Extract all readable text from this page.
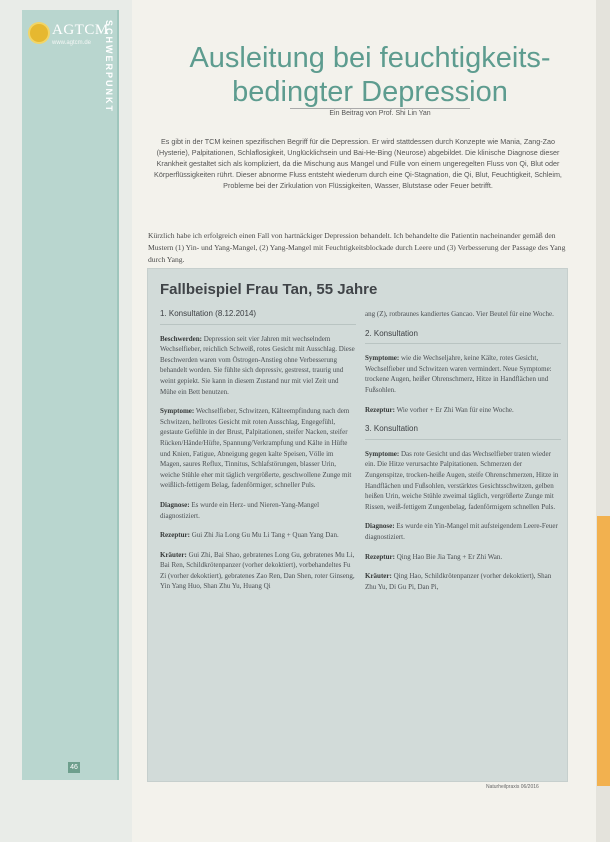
AGTCM
www.agtcm.de SCHWERPUNKT
46
Ausleitung bei feuchtigkeits-
bedingter Depression
Ein Beitrag von Prof. Shi Lin Yan

Es gibt in der TCM keinen spezifischen Begriff für die Depression. Er wird stattdessen durch Konzepte wie Mania, Zang-Zao (Hysterie), Palpitationen, Schlaflosigkeit, Unglücklichsein und Bai-He-Bing (Neurose) abgebildet. Die klinische Diagnose dieser Krankheit gestaltet sich als kompliziert, da die Mischung aus Mangel und Fülle von einem ungeregelten Fluss von Qi, Blut oder Körperflüssigkeiten rührt. Dieser abnorme Fluss entsteht wiederum durch eine Qi-Stagnation, die Qi, Blut, Feuchtigkeit, Schleim, Probleme bei der Zirkulation von Flüssigkeiten, Wasser, Blutstase oder Feuer betrifft.

Kürzlich habe ich erfolgreich einen Fall von hartnäckiger Depression behandelt. Ich behandelte die Patientin nacheinander gemäß den Mustern (1) Yin- und Yang-Mangel, (2) Yang-Mangel mit Feuchtigkeitsblockade durch Leere und (3) Verbesserung der Passage des Yang durch Yang.

Fallbeispiel Frau Tan, 55 Jahre
1. Konsultation (8.12.2014)

Beschwerden: Depression seit vier Jahren mit wechselndem Wechselfieber, reichlich Schweiß, rotes Gesicht mit Ausschlag. Diese Beschwerden waren vom Östrogen-Anstieg ohne Verbesserung behandelt worden. Sie fühlte sich depressiv, gestresst, traurig und weint gepiekt. Sie kann in diesem Zustand nur mit viel Zeit und Mühe ein Bett benutzen.

Symptome: Wechselfieber, Schwitzen, Kälteempfindung nach dem Schwitzen, hellrotes Gesicht mit roten Ausschlag, Engegefühl, gestaute Gefühle in der Brust, Palpitationen, steifer Nacken, steifer Rücken/Hände/Hüfte, Spannung/Verkrampfung und Kälte in Hüfte und Knien, Fatigue, Abneigung gegen kalte Speisen, Völle im Magen, saures Reflux, Tinnitus, Schlafstörungen, blasser Urin, weiche Stühle eher mit täglich vergrößerte, geschwollene Zunge mit weißlich-fettigem Belag, fadenförmiger, schneller Puls.

Diagnose: Es wurde ein Herz- und Nieren-Yang-Mangel diagnostiziert.

Rezeptur: Gui Zhi Jia Long Gu Mu Li Tang + Quan Yang Dan.

Kräuter: Gui Zhi, Bai Shao, gebratenes Long Gu, gebratenes Mu Li, Bai Ren, Schildkrötenpanzer (vorher dekoktiert), vorbehandeltes Fu Zi (vorher dekoktiert), gebratenes Zao Ren, Dan Shen, roter Ginseng, Yin Yang Huo, Shan Zhu Yu, Huang Qi

ang (Z), rotbraunes kandiertes Gancao. Vier Beutel für eine Woche.

2. Konsultation

Symptome: wie die Wechseljahre, keine Kälte, rotes Gesicht, Wechselfieber und Schwitzen waren vermindert. Neue Symptome: trockene Augen, heißer Ohrenschmerz, Hitze in Handflächen und Fußsohlen.

Rezeptur: Wie vorher + Er Zhi Wan für eine Woche.

3. Konsultation

Symptome: Das rote Gesicht und das Wechselfieber traten wieder ein. Die Hitze verursachte Palpitationen. Schmerzen der Zungenspitze, trocken-heiße Augen, steife Ohrenschmerzen, Hitze in Handflächen und Fußsohlen, verstärktes Gesichtsschwitzen, gelben heißen Urin, weiche Stühle zweimal täglich, vergrößerte Zunge mit Rissen, weiß-fettigem Zungenbelag, fadenförmigem schnellen Puls.

Diagnose: Es wurde ein Yin-Mangel mit aufsteigendem Leere-Feuer diagnostiziert.

Rezeptur: Qing Hao Bie Jia Tang + Er Zhi Wan.

Kräuter: Qing Hao, Schildkrötenpanzer (vorher dekoktiert), Shan Zhu Yu, Di Gu Pi, Dan Pi,

Naturheilpraxis 06/2016
